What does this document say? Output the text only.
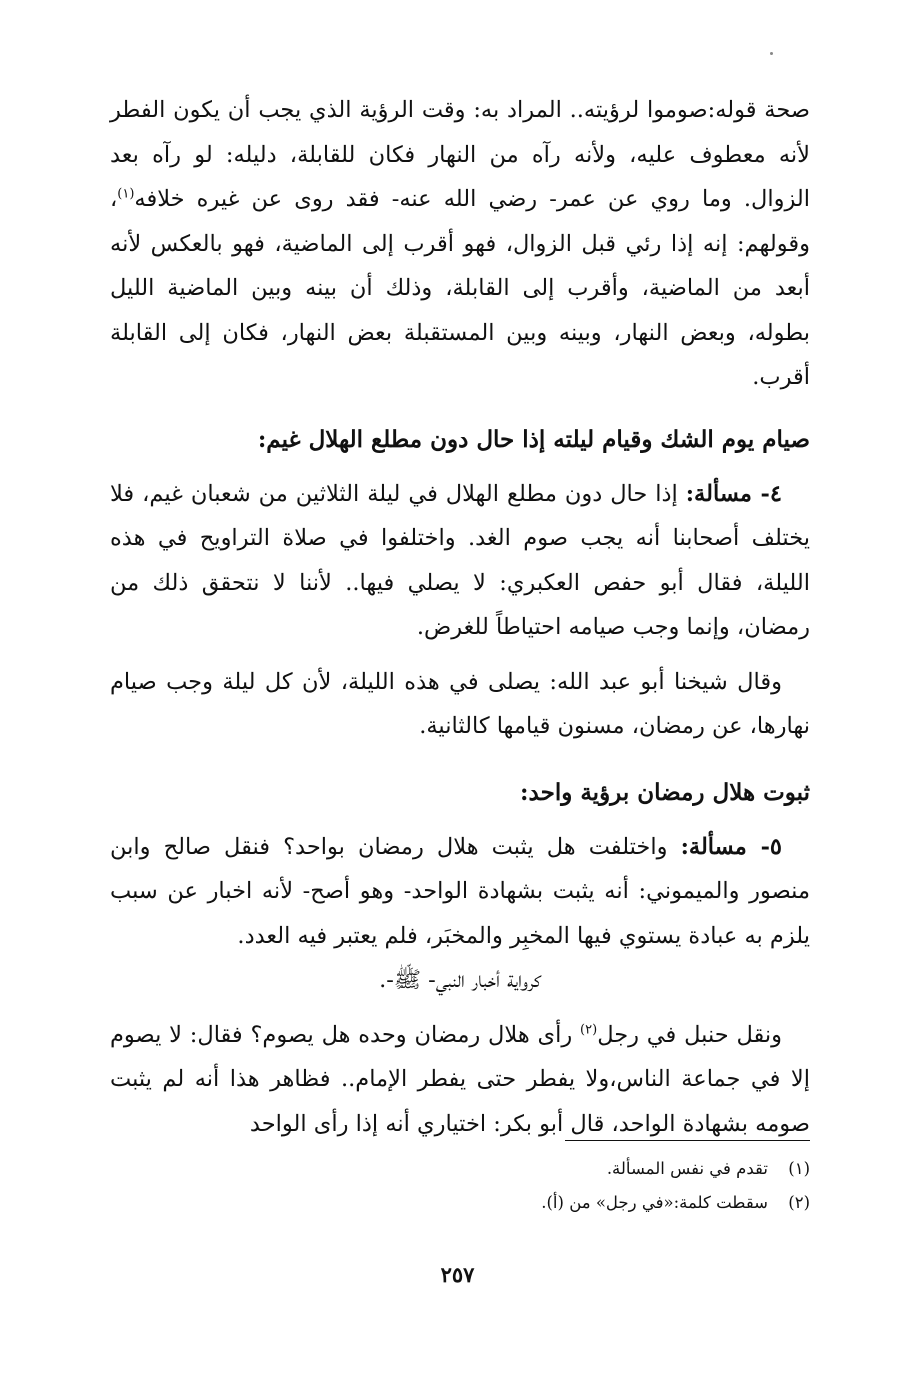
صحة قوله:صوموا لرؤيته.. المراد به: وقت الرؤية الذي يجب أن يكون الفطر لأنه معطوف عليه، ولأنه رآه من النهار فكان للقابلة، دليله: لو رآه بعد الزوال. وما روي عن عمر- رضي الله عنه- فقد روى عن غيره خلافه$^{(١)}$، وقولهم: إنه إذا رئي قبل الزوال، فهو أقرب إلى الماضية، فهو بالعكس لأنه أبعد من الماضية، وأقرب إلى القابلة، وذلك أن بينه وبين الماضية الليل بطوله، وبعض النهار، وبينه وبين المستقبلة بعض النهار، فكان إلى القابلة أقرب.

صيام يوم الشك وقيام ليلته إذا حال دون مطلع الهلال غيم:

٤- مسألة: إذا حال دون مطلع الهلال في ليلة الثلاثين من شعبان غيم، فلا يختلف أصحابنا أنه يجب صوم الغد. واختلفوا في صلاة التراويح في هذه الليلة، فقال أبو حفص العكبري: لا يصلي فيها.. لأننا لا نتحقق ذلك من رمضان، وإنما وجب صيامه احتياطاً للغرض.

وقال شيخنا أبو عبد الله: يصلى في هذه الليلة، لأن كل ليلة وجب صيام نهارها، عن رمضان، مسنون قيامها كالثانية.

ثبوت هلال رمضان برؤية واحد:

٥- مسألة: واختلفت هل يثبت هلال رمضان بواحد؟ فنقل صالح وابن منصور والميموني: أنه يثبت بشهادة الواحد- وهو أصح- لأنه اخبار عن سبب يلزم به عبادة يستوي فيها المخبِر والمخبَر، فلم يعتبر فيه العدد.

كرواية أخبار النبي- ﷺ-.

ونقل حنبل في رجل$^{(٢)}$ رأى هلال رمضان وحده هل يصوم؟ فقال: لا يصوم إلا في جماعة الناس،ولا يفطر حتى يفطر الإمام.. فظاهر هذا أنه لم يثبت صومه بشهادة الواحد، قال أبو بكر: اختياري أنه إذا رأى الواحد

(١)
تقدم في نفس المسألة.
(٢)
سقطت كلمة:«في رجل» من (أ).
٢٥٧
